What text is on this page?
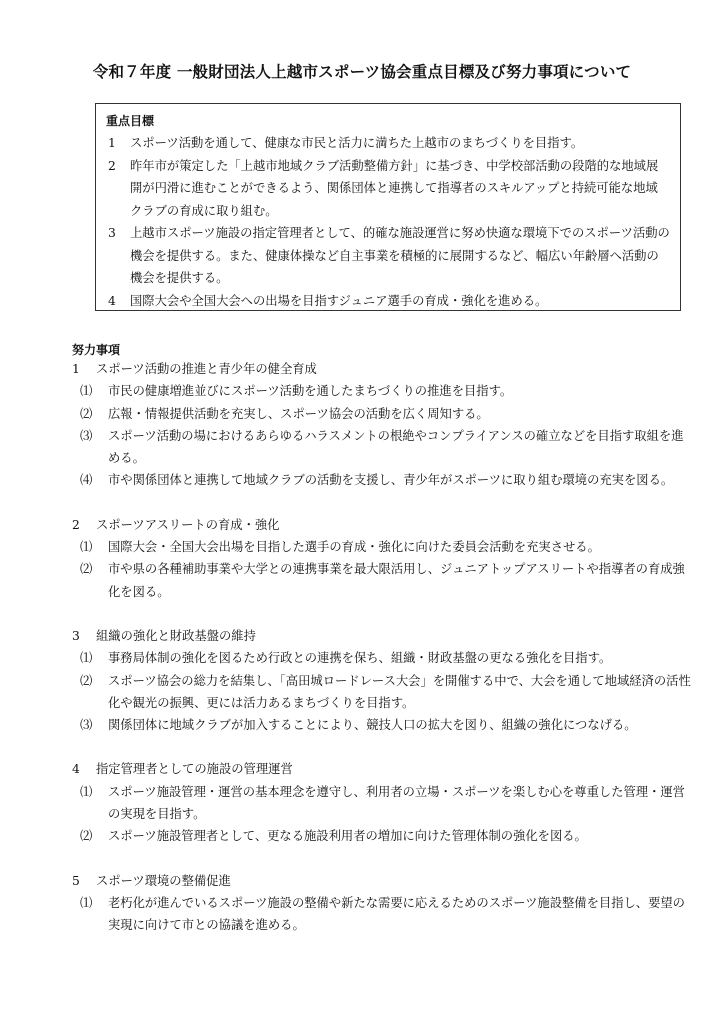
令和７年度 一般財団法人上越市スポーツ協会重点目標及び努力事項について
重点目標
1	スポーツ活動を通して、健康な市民と活力に満ちた上越市のまちづくりを目指す。
2	昨年市が策定した「上越市地域クラブ活動整備方針」に基づき、中学校部活動の段階的な地域展開が円滑に進むことができるよう、関係団体と連携して指導者のスキルアップと持続可能な地域クラブの育成に取り組む。
3	上越市スポーツ施設の指定管理者として、的確な施設運営に努め快適な環境下でのスポーツ活動の機会を提供する。また、健康体操など自主事業を積極的に展開するなど、幅広い年齢層へ活動の機会を提供する。
4	国際大会や全国大会への出場を目指すジュニア選手の育成・強化を進める。
努力事項
1	スポーツ活動の推進と青少年の健全育成
⑴	市民の健康増進並びにスポーツ活動を通したまちづくりの推進を目指す。
⑵	広報・情報提供活動を充実し、スポーツ協会の活動を広く周知する。
⑶	スポーツ活動の場におけるあらゆるハラスメントの根絶やコンプライアンスの確立などを目指す取組を進める。
⑷	市や関係団体と連携して地域クラブの活動を支援し、青少年がスポーツに取り組む環境の充実を図る。
2	スポーツアスリートの育成・強化
⑴	国際大会・全国大会出場を目指した選手の育成・強化に向けた委員会活動を充実させる。
⑵	市や県の各種補助事業や大学との連携事業を最大限活用し、ジュニアトップアスリートや指導者の育成強化を図る。
3	組織の強化と財政基盤の維持
⑴	事務局体制の強化を図るため行政との連携を保ち、組織・財政基盤の更なる強化を目指す。
⑵	スポーツ協会の総力を結集し、「高田城ロードレース大会」を開催する中で、大会を通して地域経済の活性化や観光の振興、更には活力あるまちづくりを目指す。
⑶	関係団体に地域クラブが加入することにより、競技人口の拡大を図り、組織の強化につなげる。
4	指定管理者としての施設の管理運営
⑴	スポーツ施設管理・運営の基本理念を遵守し、利用者の立場・スポーツを楽しむ心を尊重した管理・運営の実現を目指す。
⑵	スポーツ施設管理者として、更なる施設利用者の増加に向けた管理体制の強化を図る。
5	スポーツ環境の整備促進
⑴	老朽化が進んでいるスポーツ施設の整備や新たな需要に応えるためのスポーツ施設整備を目指し、要望の実現に向けて市との協議を進める。
